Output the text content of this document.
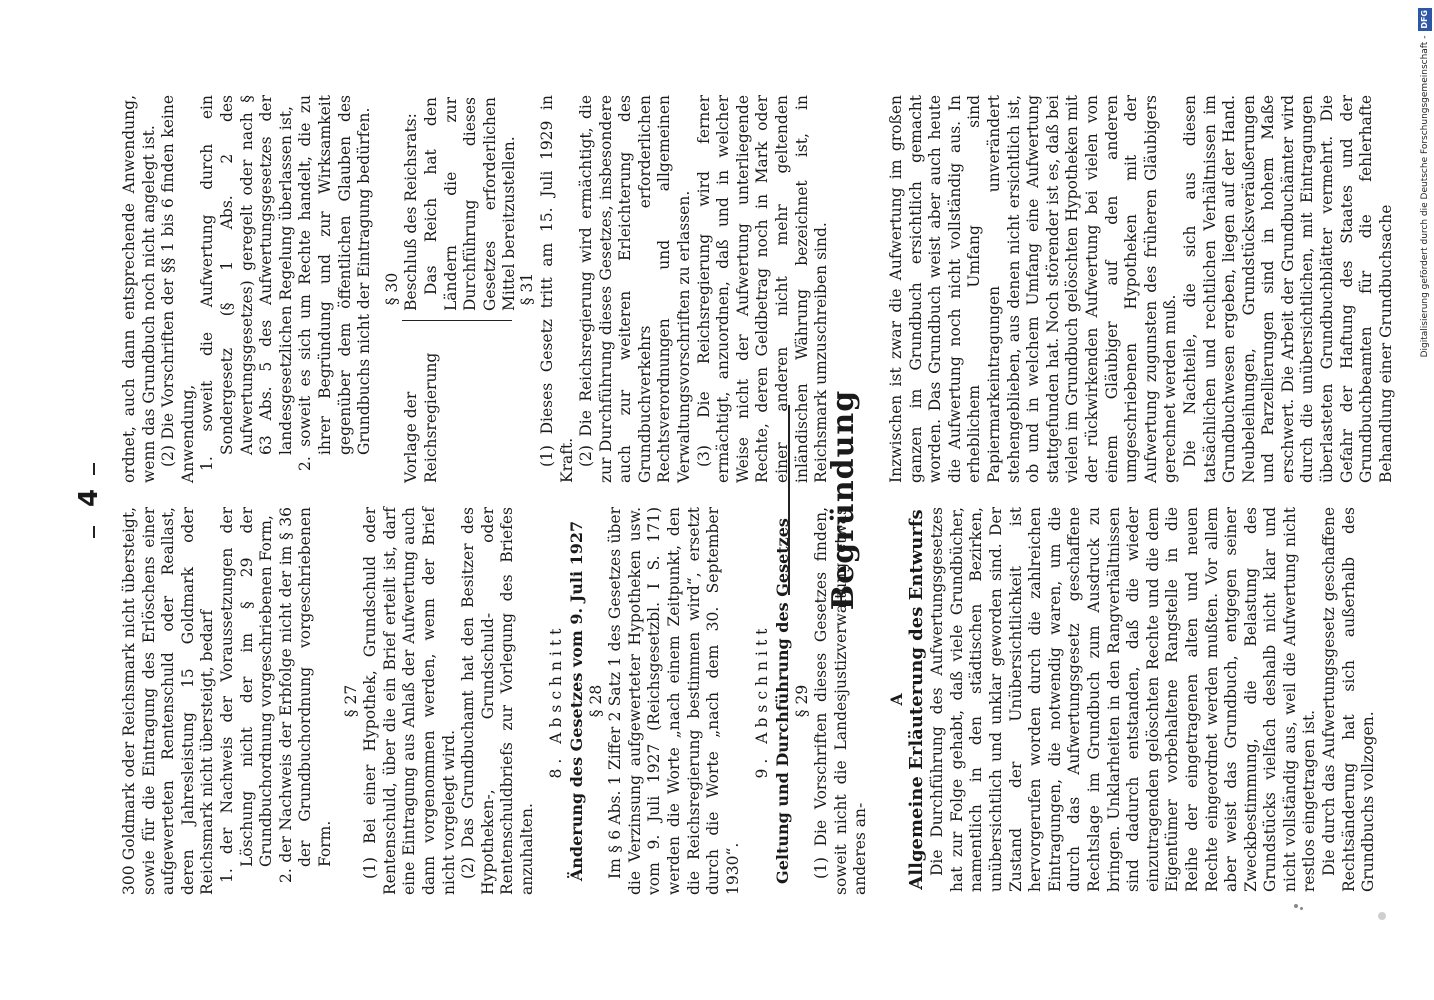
4

300 Goldmark oder Reichsmark nicht übersteigt, sowie für die Eintragung des Erlöschens einer aufgewerteten Rentenschuld oder Reallast, deren Jahresleistung 15 Goldmark oder Reichsmark nicht übersteigt, bedarf 1. der Nachweis der Voraussetzungen der Löschung nicht der im § 29 der Grundbuchordnung vorgeschriebenen Form, 2. der Nachweis der Erbfolge nicht der im § 36 der Grundbuchordnung vorgeschriebenen Form.

§ 27 (1) Bei einer Hypothek, Grundschuld oder Rentenschuld, über die ein Brief erteilt ist, darf eine Eintragung aus Anlaß der Aufwertung auch dann vorgenommen werden, wenn der Brief nicht vorgelegt wird. (2) Das Grundbuchamt hat den Besitzer des Hypotheken-, Grundschuld- oder Rentenschuldbriefs zur Vorlegung des Briefes anzuhalten.

8. Abschnitt Änderung des Gesetzes vom 9. Juli 1927 § 28 Im § 6 Abs. 1 Ziffer 2 Satz 1 des Gesetzes über die Verzinsung aufgewerteter Hypotheken usw. vom 9. Juli 1927 (Reichsgesetzbl. I S. 171) werden die Worte „nach einem Zeitpunkt, den die Reichsregierung bestimmen wird“, ersetzt durch die Worte „nach dem 30. September 1930“.

9. Abschnitt Geltung und Durchführung des Gesetzes § 29 (1) Die Vorschriften dieses Gesetzes finden, soweit nicht die Landesjustizverwaltung etwas anderes an-

ordnet, auch dann entsprechende Anwendung, wenn das Grundbuch noch nicht angelegt ist. (2) Die Vorschriften der §§ 1 bis 6 finden keine Anwendung, 1. soweit die Aufwertung durch ein Sondergesetz (§ 1 Abs. 2 des Aufwertungsgesetzes) geregelt oder nach § 63 Abs. 5 des Aufwertungsgesetzes der landesgesetzlichen Regelung überlassen ist, 2. soweit es sich um Rechte handelt, die zu ihrer Begründung und zur Wirksamkeit gegenüber dem öffentlichen Glauben des Grundbuchs nicht der Eintragung bedürfen. § 30

Vorlage der Reichsregierung
Beschluß des Reichsrats: Das Reich hat den Ländern die zur Durchführung dieses Gesetzes erforderlichen Mittel bereitzustellen. § 31 (1) Dieses Gesetz tritt am 15. Juli 1929 in Kraft. (2) Die Reichsregierung wird ermächtigt, die zur Durchführung dieses Gesetzes, insbesondere auch zur weiteren Erleichterung des Grundbuchverkehrs erforderlichen Rechtsverordnungen und allgemeinen Verwaltungsvorschriften zu erlassen. (3) Die Reichsregierung wird ferner ermächtigt, anzuordnen, daß und in welcher Weise nicht der Aufwertung unterliegende Rechte, deren Geldbetrag noch in Mark oder einer anderen nicht mehr geltenden inländischen Währung bezeichnet ist, in Reichsmark umzuschreiben sind.

Begründung

A Allgemeine Erläuterung des Entwurfs Die Durchführung des Aufwertungsgesetzes hat zur Folge gehabt, daß viele Grundbücher, namentlich in den städtischen Bezirken, unübersichtlich und unklar geworden sind. Der Zustand der Unübersichtlichkeit ist hervorgerufen worden durch die zahlreichen Eintragungen, die notwendig waren, um die durch das Aufwertungsgesetz geschaffene Rechtslage im Grundbuch zum Ausdruck zu bringen. Unklarheiten in den Rangverhältnissen sind dadurch entstanden, daß die wieder einzutragenden gelöschten Rechte und die dem Eigentümer vorbehaltene Rangstelle in die Reihe der eingetragenen alten und neuen Rechte eingeordnet werden mußten. Vor allem aber weist das Grundbuch, entgegen seiner Zweckbestimmung, die Belastung des Grundstücks vielfach deshalb nicht klar und nicht vollständig aus, weil die Aufwertung nicht restlos eingetragen ist. Die durch das Aufwertungsgesetz geschaffene Rechtsänderung hat sich außerhalb des Grundbuchs vollzogen.

Inzwischen ist zwar die Aufwertung im großen ganzen im Grundbuch ersichtlich gemacht worden. Das Grundbuch weist aber auch heute die Aufwertung noch nicht vollständig aus. In erheblichem Umfang sind Papiermarkeintragungen unverändert stehengeblieben, aus denen nicht ersichtlich ist, ob und in welchem Umfang eine Aufwertung stattgefunden hat. Noch störender ist es, daß bei vielen im Grundbuch gelöschten Hypotheken mit der rückwirkenden Aufwertung bei vielen von einem Gläubiger auf den anderen umgeschriebenen Hypotheken mit der Aufwertung zugunsten des früheren Gläubigers gerechnet werden muß. Die Nachteile, die sich aus diesen tatsächlichen und rechtlichen Verhältnissen im Grundbuchwesen ergeben, liegen auf der Hand. Neubeleihungen, Grundstücksveräußerungen und Parzellierungen sind in hohem Maße erschwert. Die Arbeit der Grundbuchämter wird durch die unübersichtlichen, mit Eintragungen überlasteten Grundbuchblätter vermehrt. Die Gefahr der Haftung des Staates und der Grundbuchbeamten für die fehlerhafte Behandlung einer Grundbuchsache	Digitalisierung gefördert durch die Deutsche Forschungsgemeinschaft - DFG
